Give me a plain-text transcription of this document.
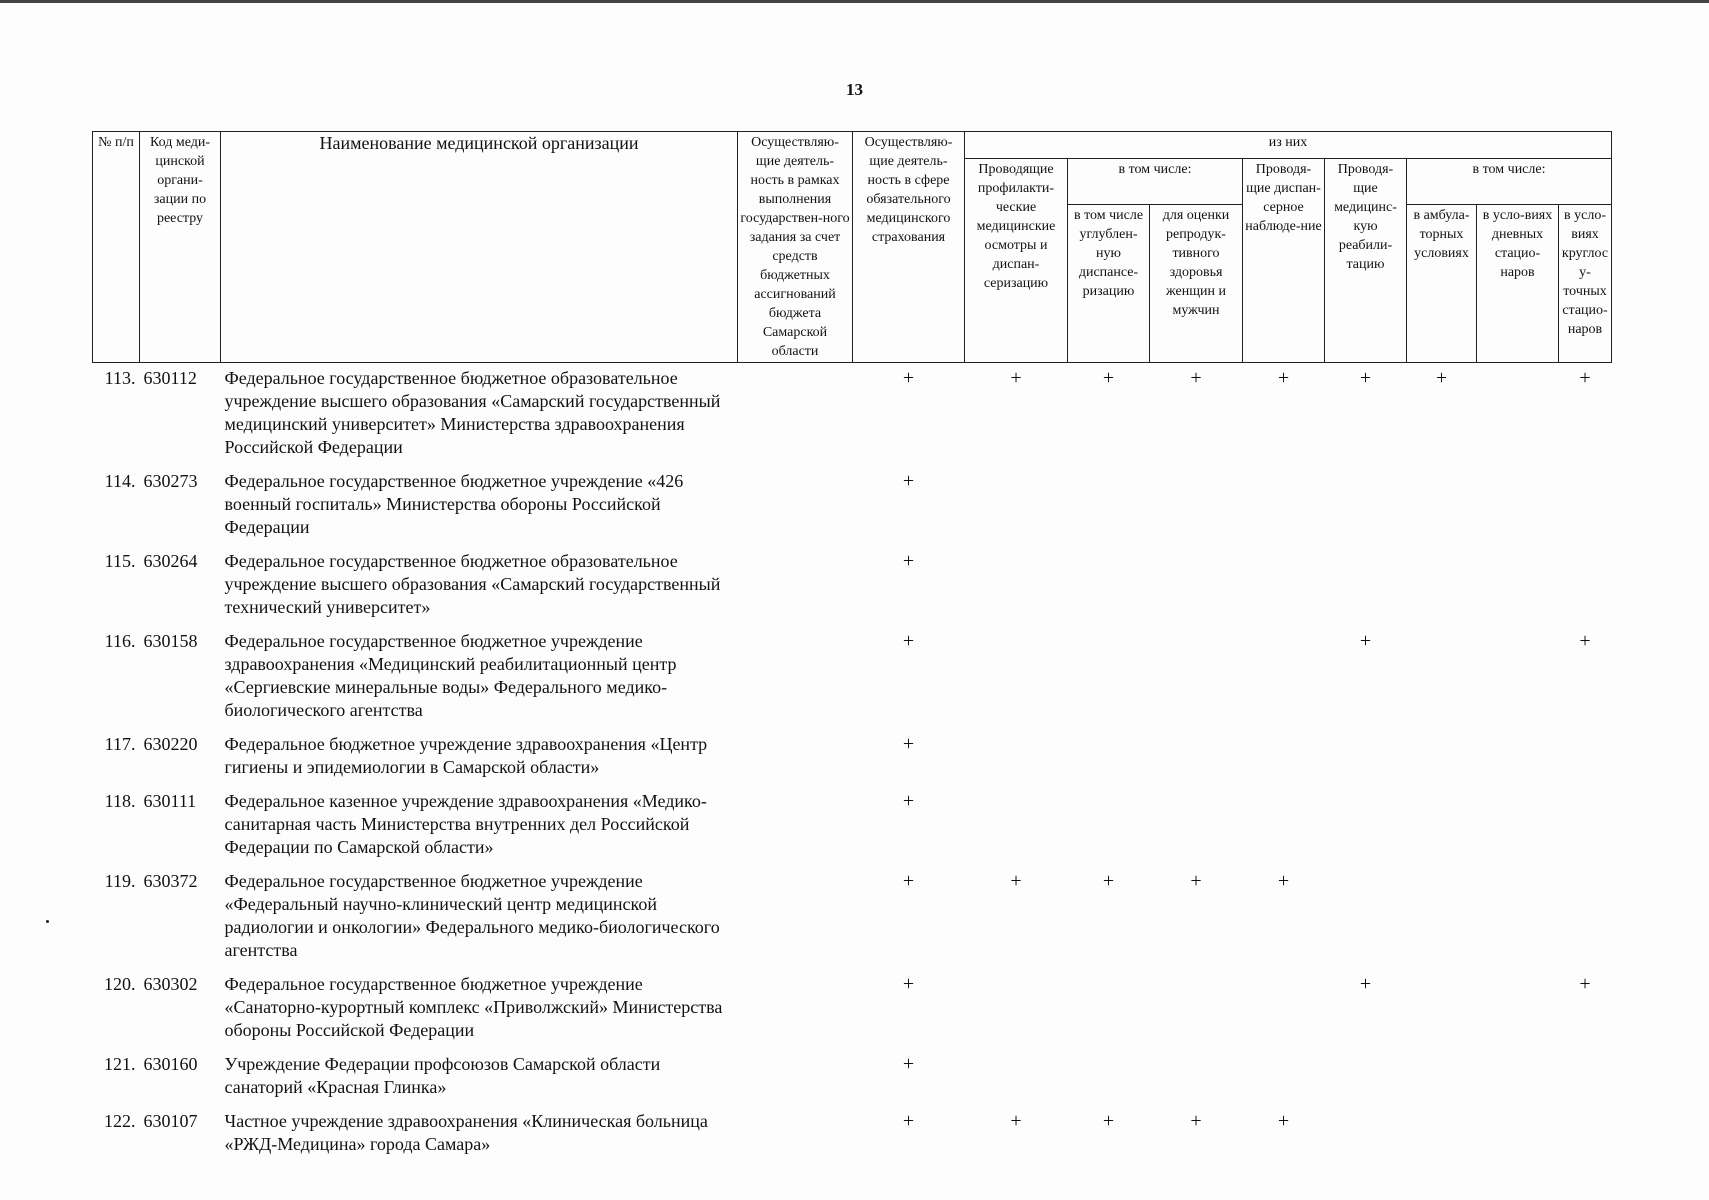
13
№ п/п	Код меди-цинской органи-зации по реестру	Наименование медицинской организации	Осуществляю-щие деятель-ность в рамках выполнения государствен-ного задания за счет средств бюджетных ассигнований бюджета Самарской области	Осуществляю-щие деятель-ность в сфере обязательного медицинского страхования	из них							
					Проводящие профилакти-ческие медицинские осмотры и диспан-серизацию	в том числе:		Проводя-щие диспан-серное наблюде-ние	Проводя-щие медицинс-кую реабили-тацию	в том числе:		
						в том числе углублен-ную диспансе-ризацию	для оценки репродук-тивного здоровья женщин и мужчин			в амбула-торных условиях	в усло-виях дневных стацио-наров	в усло-виях круглосу-точных стацио-наров
113.	630112	Федеральное государственное бюджетное образовательное учреждение высшего образования «Самарский государственный медицинский университет» Министерства здравоохранения Российской Федерации		+	+	+	+	+	+	+		+
114.	630273	Федеральное государственное бюджетное учреждение «426 военный госпиталь» Министерства обороны Российской Федерации		+								
115.	630264	Федеральное государственное бюджетное образовательное учреждение высшего образования «Самарский государственный технический университет»		+								
116.	630158	Федеральное государственное бюджетное учреждение здравоохранения «Медицинский реабилитационный центр «Сергиевские минеральные воды» Федерального медико-биологического агентства		+					+			+
117.	630220	Федеральное бюджетное учреждение здравоохранения «Центр гигиены и эпидемиологии в Самарской области»		+								
118.	630111	Федеральное казенное учреждение здравоохранения «Медико-санитарная часть Министерства внутренних дел Российской Федерации по Самарской области»		+								
119.	630372	Федеральное государственное бюджетное учреждение «Федеральный научно-клинический центр медицинской радиологии и онкологии» Федерального медико-биологического агентства		+	+	+	+	+				
120.	630302	Федеральное государственное бюджетное учреждение «Санаторно-курортный комплекс «Приволжский» Министерства обороны Российской Федерации		+					+			+
121.	630160	Учреждение Федерации профсоюзов Самарской области санаторий «Красная Глинка»		+								
122.	630107	Частное учреждение здравоохранения «Клиническая больница «РЖД-Медицина» города Самара»		+	+	+	+	+				
